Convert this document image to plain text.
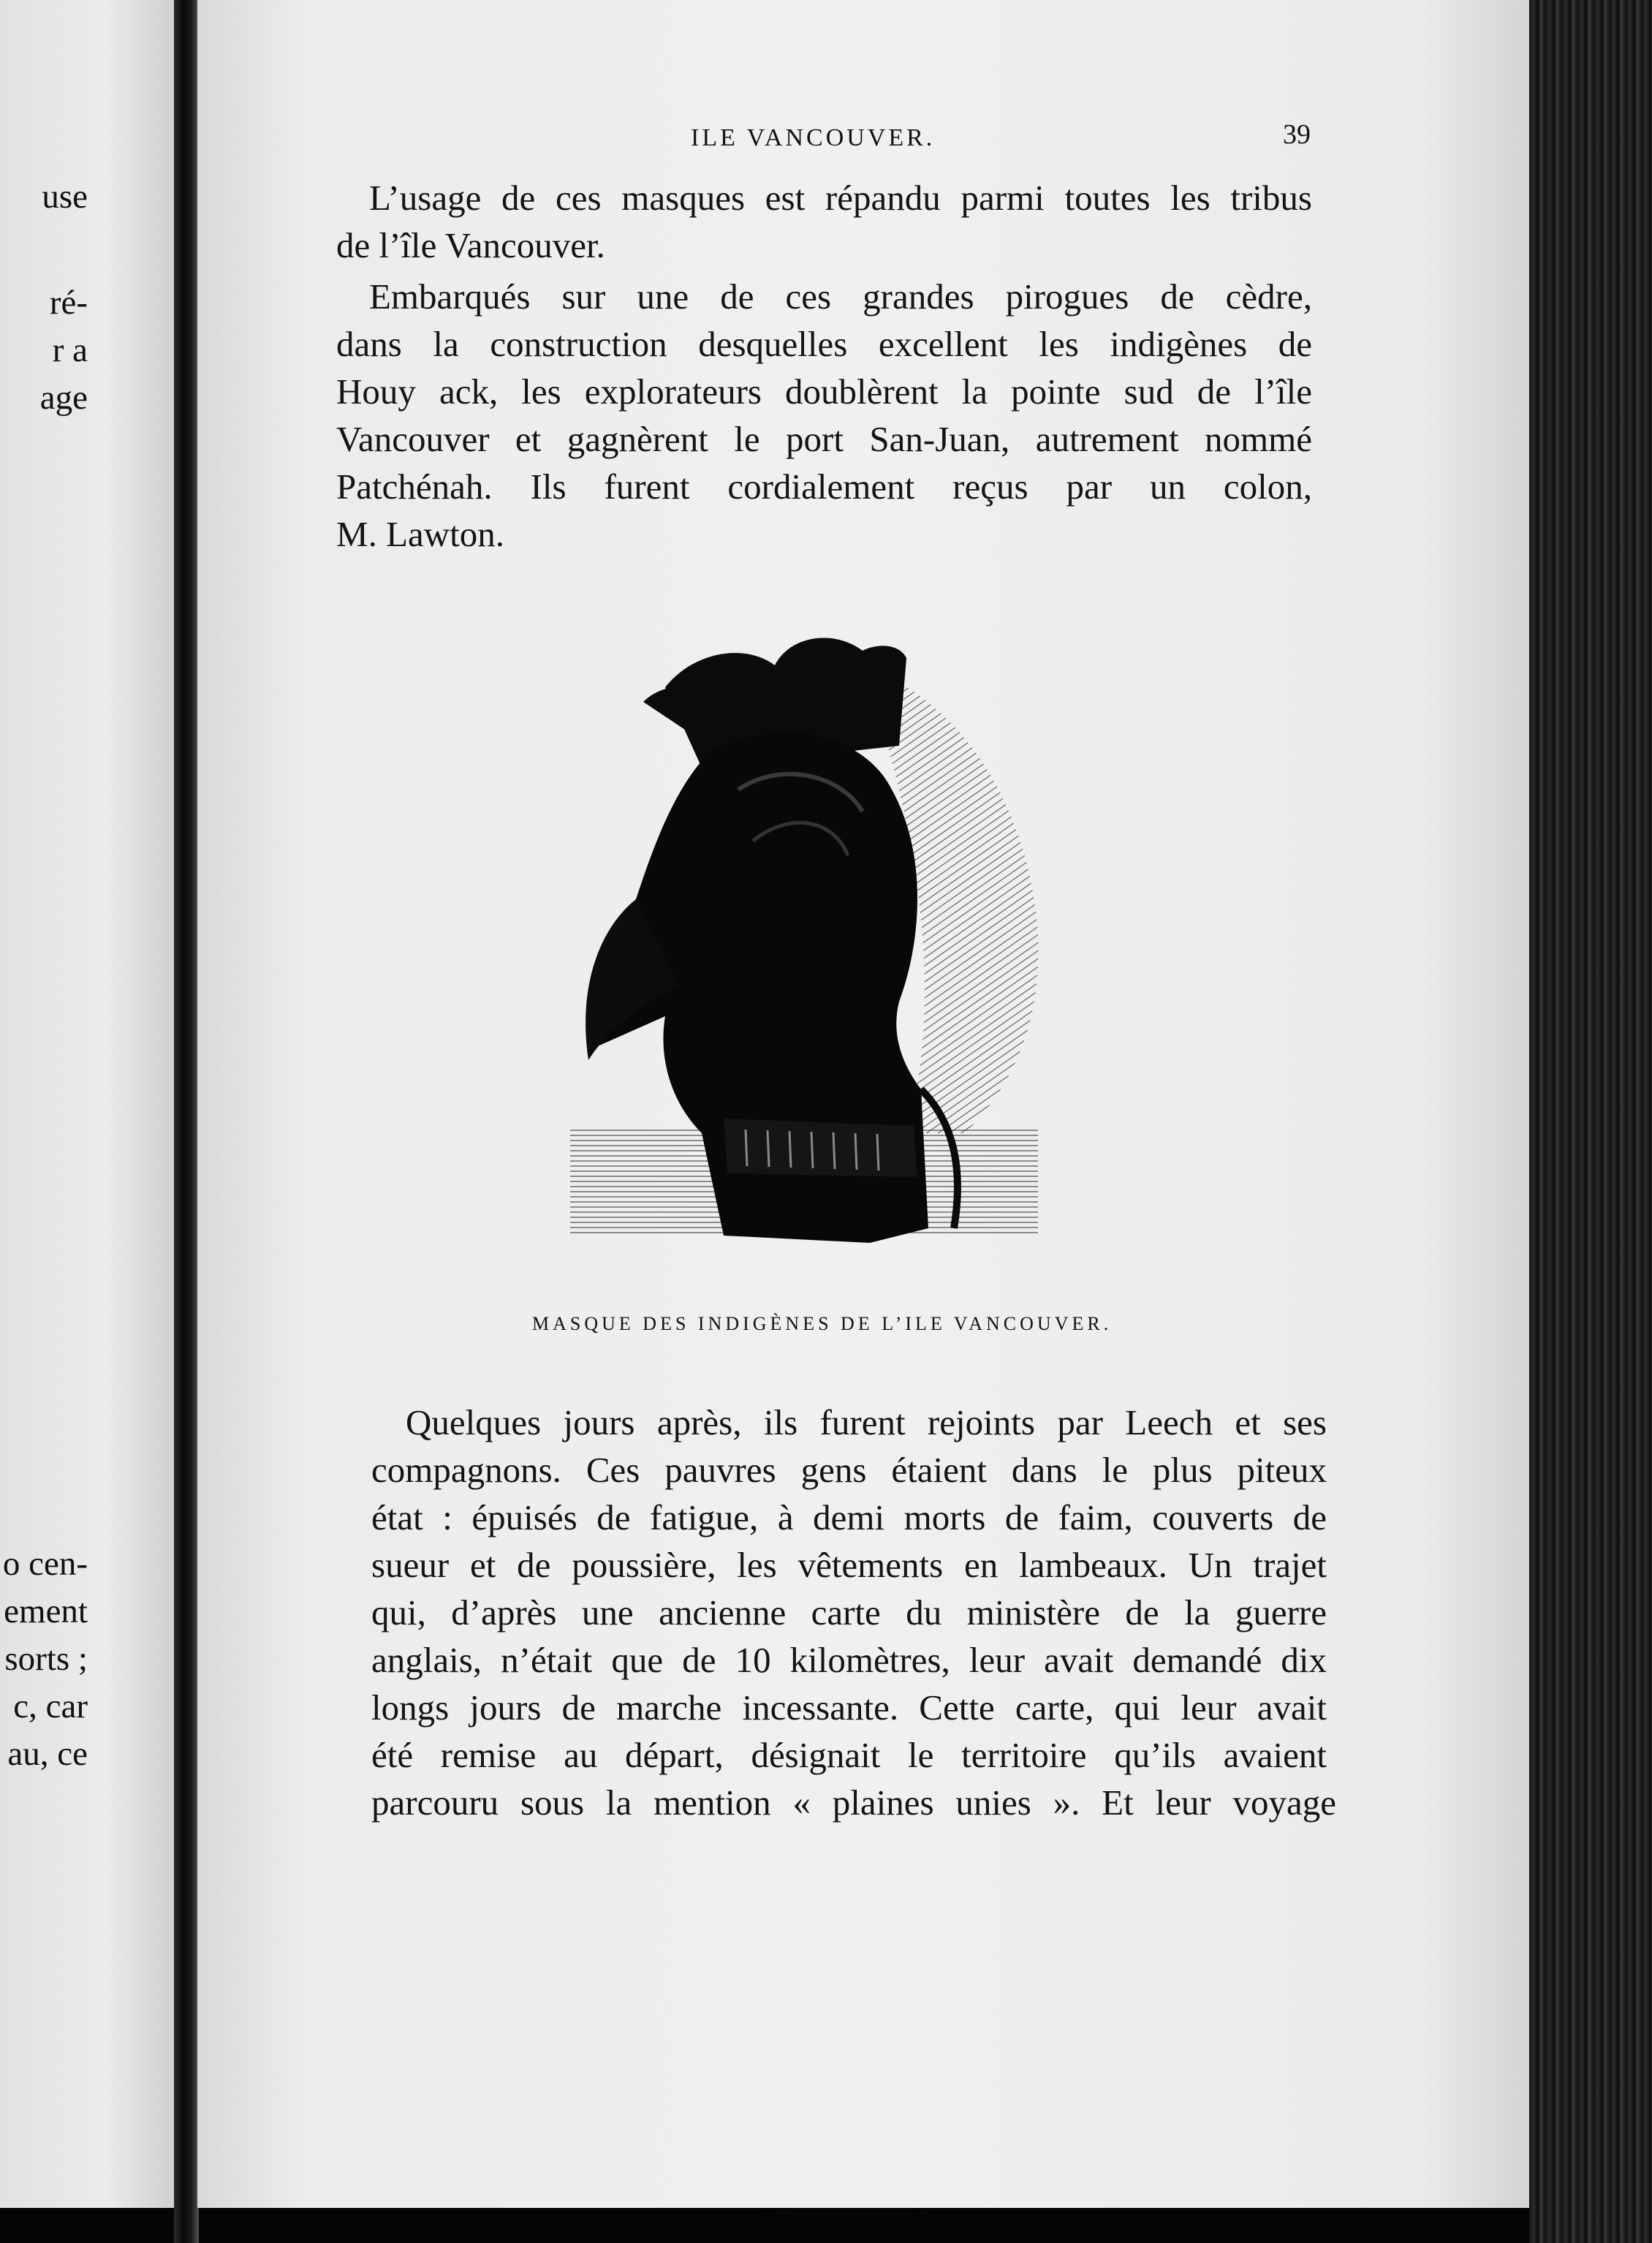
use
ré-
r a
age
o cen-
ement
sorts ;
c, car
au, ce
ILE VANCOUVER.	39
L’usage de ces masques est répandu parmi toutes les tribus
de l’île Vancouver.
Embarqués sur une de ces grandes pirogues de cèdre,
dans la construction desquelles excellent les indigènes de
Houy ack, les explorateurs doublèrent la pointe sud de l’île
Vancouver et gagnèrent le port San-Juan, autrement nommé
Patchénah. Ils furent cordialement reçus par un colon,
M. Lawton.
MASQUE DES INDIGÈNES DE L’ILE VANCOUVER.
Quelques jours après, ils furent rejoints par Leech et ses
compagnons. Ces pauvres gens étaient dans le plus piteux
état : épuisés de fatigue, à demi morts de faim, couverts de
sueur et de poussière, les vêtements en lambeaux. Un trajet
qui, d’après une ancienne carte du ministère de la guerre
anglais, n’était que de 10 kilomètres, leur avait demandé dix
longs jours de marche incessante. Cette carte, qui leur avait
été remise au départ, désignait le territoire qu’ils avaient
parcouru sous la mention « plaines unies ». Et leur voyage
